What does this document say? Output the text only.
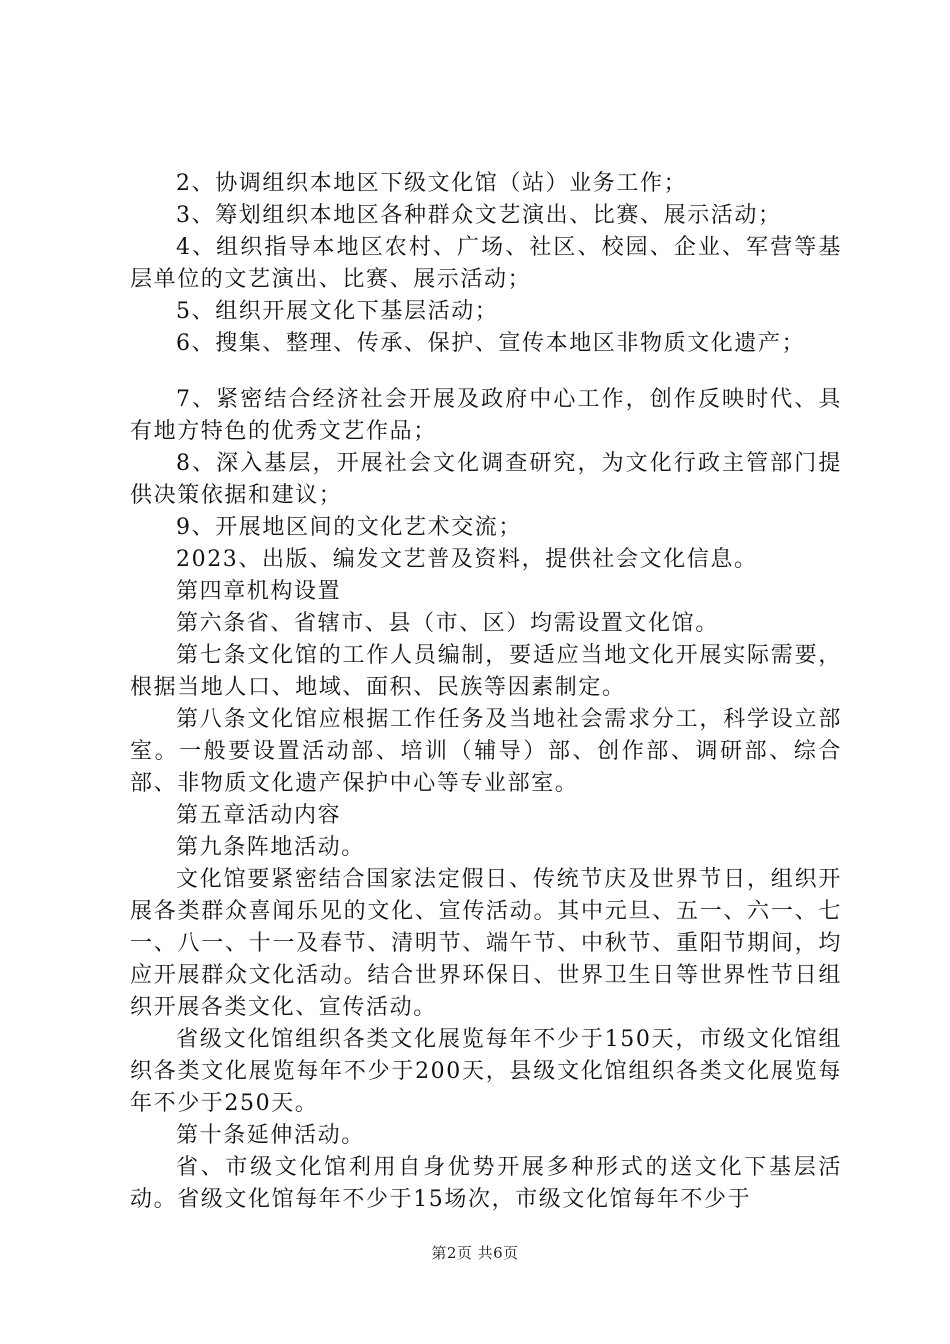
2、协调组织本地区下级文化馆（站）业务工作；

3、筹划组织本地区各种群众文艺演出、比赛、展示活动；

4、组织指导本地区农村、广场、社区、校园、企业、军营等基层单位的文艺演出、比赛、展示活动；

5、组织开展文化下基层活动；

6、搜集、整理、传承、保护、宣传本地区非物质文化遗产；

7、紧密结合经济社会开展及政府中心工作，创作反映时代、具有地方特色的优秀文艺作品；

8、深入基层，开展社会文化调查研究，为文化行政主管部门提供决策依据和建议；

9、开展地区间的文化艺术交流；

2023、出版、编发文艺普及资料，提供社会文化信息。

第四章机构设置

第六条省、省辖市、县（市、区）均需设置文化馆。

第七条文化馆的工作人员编制，要适应当地文化开展实际需要，根据当地人口、地域、面积、民族等因素制定。

第八条文化馆应根据工作任务及当地社会需求分工，科学设立部室。一般要设置活动部、培训（辅导）部、创作部、调研部、综合部、非物质文化遗产保护中心等专业部室。

第五章活动内容

第九条阵地活动。

文化馆要紧密结合国家法定假日、传统节庆及世界节日，组织开展各类群众喜闻乐见的文化、宣传活动。其中元旦、五一、六一、七一、八一、十一及春节、清明节、端午节、中秋节、重阳节期间，均应开展群众文化活动。结合世界环保日、世界卫生日等世界性节日组织开展各类文化、宣传活动。

省级文化馆组织各类文化展览每年不少于150天，市级文化馆组织各类文化展览每年不少于200天，县级文化馆组织各类文化展览每年不少于250天。

第十条延伸活动。

省、市级文化馆利用自身优势开展多种形式的送文化下基层活动。省级文化馆每年不少于15场次，市级文化馆每年不少于

第2页 共6页
